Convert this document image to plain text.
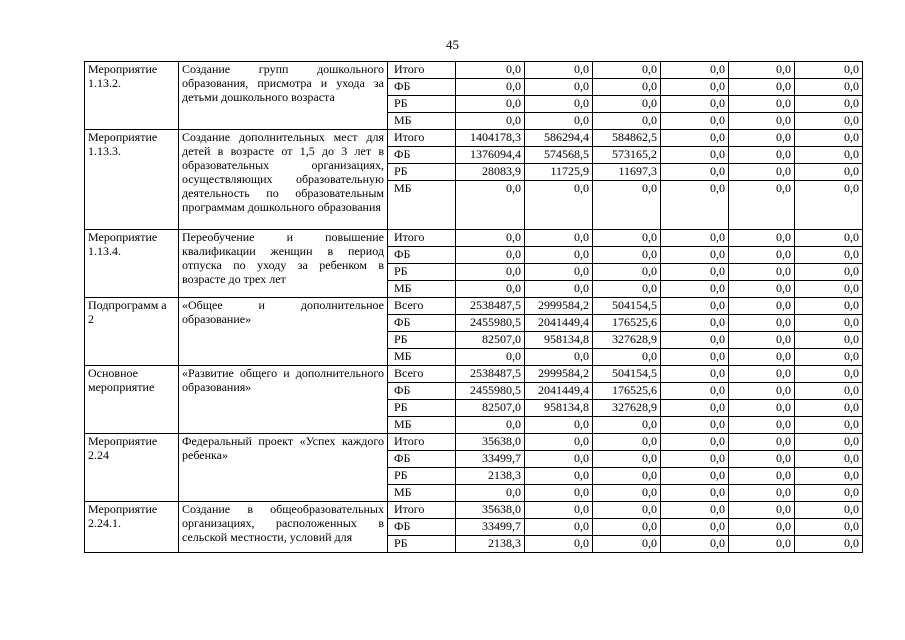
45
Мероприятие 1.13.2.	Создание групп дошкольного образования, присмотра и ухода за детьми дошкольного возраста	Итого	0,0	0,0	0,0	0,0	0,0	0,0
		ФБ	0,0	0,0	0,0	0,0	0,0	0,0
		РБ	0,0	0,0	0,0	0,0	0,0	0,0
		МБ	0,0	0,0	0,0	0,0	0,0	0,0
Мероприятие 1.13.3.	Создание дополнительных мест для детей в возрасте от 1,5 до 3 лет в образовательных организациях, осуществляющих образовательную деятельность по образовательным программам дошкольного образования	Итого	1404178,3	586294,4	584862,5	0,0	0,0	0,0
		ФБ	1376094,4	574568,5	573165,2	0,0	0,0	0,0
		РБ	28083,9	11725,9	11697,3	0,0	0,0	0,0
		МБ	0,0	0,0	0,0	0,0	0,0	0,0
Мероприятие 1.13.4.	Переобучение и повышение квалификации женщин в период отпуска по уходу за ребенком в возрасте до трех лет	Итого	0,0	0,0	0,0	0,0	0,0	0,0
		ФБ	0,0	0,0	0,0	0,0	0,0	0,0
		РБ	0,0	0,0	0,0	0,0	0,0	0,0
		МБ	0,0	0,0	0,0	0,0	0,0	0,0
Подпрограмм а 2	«Общее и дополнительное образование»	Всего	2538487,5	2999584,2	504154,5	0,0	0,0	0,0
		ФБ	2455980,5	2041449,4	176525,6	0,0	0,0	0,0
		РБ	82507,0	958134,8	327628,9	0,0	0,0	0,0
		МБ	0,0	0,0	0,0	0,0	0,0	0,0
Основное мероприятие	«Развитие общего и дополнительного образования»	Всего	2538487,5	2999584,2	504154,5	0,0	0,0	0,0
		ФБ	2455980,5	2041449,4	176525,6	0,0	0,0	0,0
		РБ	82507,0	958134,8	327628,9	0,0	0,0	0,0
		МБ	0,0	0,0	0,0	0,0	0,0	0,0
Мероприятие 2.24	Федеральный проект «Успех каждого ребенка»	Итого	35638,0	0,0	0,0	0,0	0,0	0,0
		ФБ	33499,7	0,0	0,0	0,0	0,0	0,0
		РБ	2138,3	0,0	0,0	0,0	0,0	0,0
		МБ	0,0	0,0	0,0	0,0	0,0	0,0
Мероприятие 2.24.1.	Создание в общеобразовательных организациях, расположенных в сельской местности, условий для	Итого	35638,0	0,0	0,0	0,0	0,0	0,0
		ФБ	33499,7	0,0	0,0	0,0	0,0	0,0
		РБ	2138,3	0,0	0,0	0,0	0,0	0,0
